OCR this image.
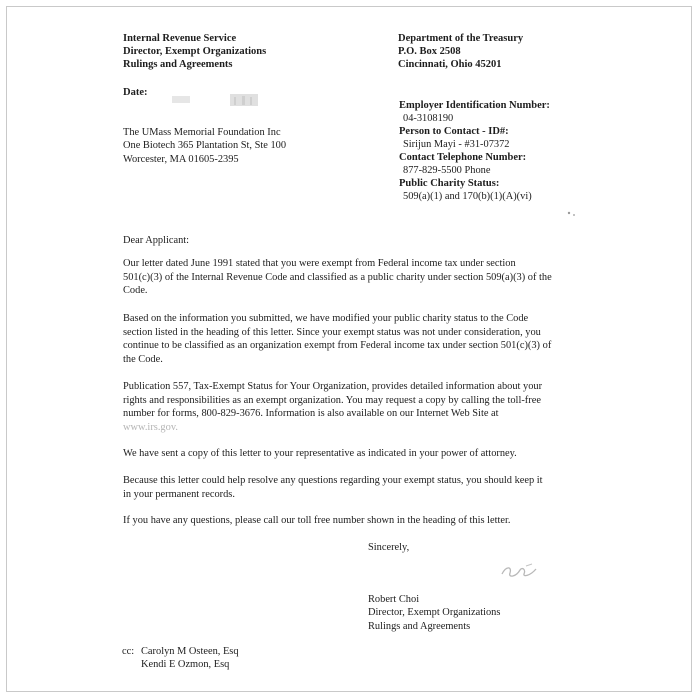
Internal Revenue Service
Director, Exempt Organizations
Rulings and Agreements
Department of the Treasury
P.O. Box 2508
Cincinnati, Ohio 45201
Date:
The UMass Memorial Foundation Inc
One Biotech 365 Plantation St, Ste 100
Worcester, MA 01605-2395
Employer Identification Number:
04-3108190
Person to Contact - ID#:
Sirijun Mayi - #31-07372
Contact Telephone Number:
877-829-5500 Phone
Public Charity Status:
509(a)(1) and 170(b)(1)(A)(vi)
Dear Applicant:
Our letter dated June 1991 stated that you were exempt from Federal income tax under section
501(c)(3) of the Internal Revenue Code and classified as a public charity under section 509(a)(3) of the
Code.
Based on the information you submitted, we have modified your public charity status to the Code
section listed in the heading of this letter. Since your exempt status was not under consideration, you
continue to be classified as an organization exempt from Federal income tax under section 501(c)(3) of
the Code.
Publication 557, Tax-Exempt Status for Your Organization, provides detailed information about your
rights and responsibilities as an exempt organization. You may request a copy by calling the toll-free
number for forms, 800-829-3676. Information is also available on our Internet Web Site at
www.irs.gov.
We have sent a copy of this letter to your representative as indicated in your power of attorney.
Because this letter could help resolve any questions regarding your exempt status, you should keep it
in your permanent records.
If you have any questions, please call our toll free number shown in the heading of this letter.
Sincerely,
Robert Choi
Director, Exempt Organizations
Rulings and Agreements
cc: Carolyn M Osteen, Esq
Kendi E Ozmon, Esq
